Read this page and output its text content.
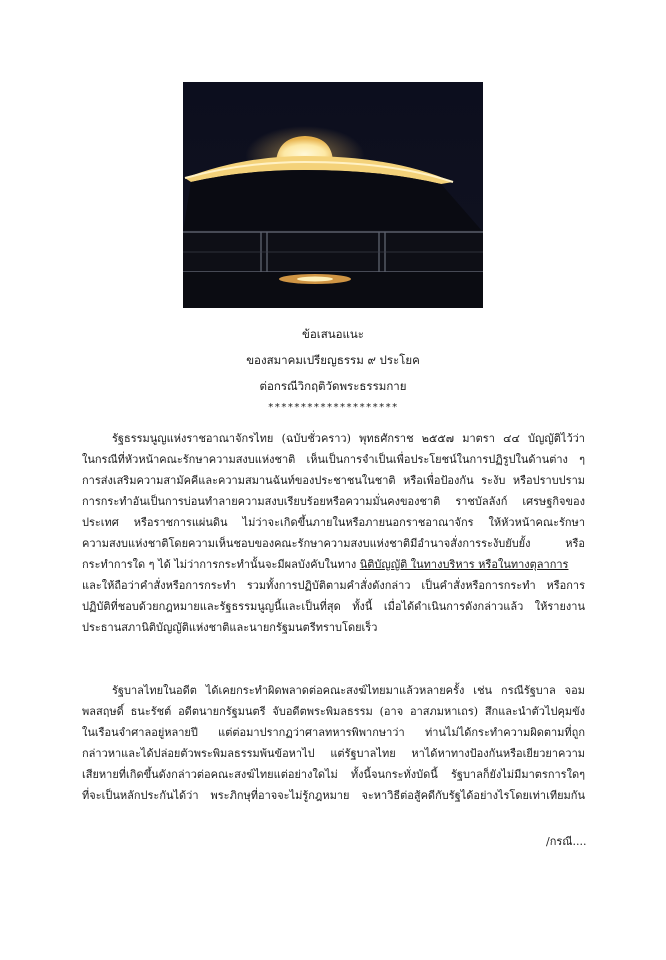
ข้อเสนอแนะ
ของสมาคมเปรียญธรรม ๙ ประโยค
ต่อกรณีวิกฤติวัดพระธรรมกาย
********************
รัฐธรรมนูญแห่งราชอาณาจักรไทย (ฉบับชั่วคราว) พุทธศักราช ๒๕๕๗ มาตรา ๔๔ บัญญัติไว้ว่า
ในกรณีที่หัวหน้าคณะรักษาความสงบแห่งชาติ เห็นเป็นการจำเป็นเพื่อประโยชน์ในการปฏิรูปในด้านต่าง ๆ
การส่งเสริมความสามัคคีและความสมานฉันท์ของประชาชนในชาติ หรือเพื่อป้องกัน ระงับ หรือปราบปราม
การกระทำอันเป็นการบ่อนทำลายความสงบเรียบร้อยหรือความมั่นคงของชาติ ราชบัลลังก์ เศรษฐกิจของ
ประเทศ หรือราชการแผ่นดิน ไม่ว่าจะเกิดขึ้นภายในหรือภายนอกราชอาณาจักร ให้หัวหน้าคณะรักษา
ความสงบแห่งชาติโดยความเห็นชอบของคณะรักษาความสงบแห่งชาติมีอำนาจสั่งการระงับยับยั้ง หรือ
กระทำการใด ๆ ได้ ไม่ว่าการกระทำนั้นจะมีผลบังคับในทาง นิติบัญญัติ ในทางบริหาร หรือในทางตุลาการ
และให้ถือว่าคำสั่งหรือการกระทำ รวมทั้งการปฏิบัติตามคำสั่งดังกล่าว เป็นคำสั่งหรือการกระทำ หรือการ
ปฏิบัติที่ชอบด้วยกฎหมายและรัฐธรรมนูญนี้และเป็นที่สุด ทั้งนี้ เมื่อได้ดำเนินการดังกล่าวแล้ว ให้รายงาน
ประธานสภานิติบัญญัติแห่งชาติและนายกรัฐมนตรีทราบโดยเร็ว
รัฐบาลไทยในอดีต ได้เคยกระทำผิดพลาดต่อคณะสงฆ์ไทยมาแล้วหลายครั้ง เช่น กรณีรัฐบาล จอม
พลสฤษดิ์ ธนะรัชต์ อดีตนายกรัฐมนตรี จับอดีตพระพิมลธรรม (อาจ อาสภมหาเถร) สึกและนำตัวไปคุมขัง
ในเรือนจำศาลอยู่หลายปี แต่ต่อมาปรากฏว่าศาลทหารพิพากษาว่า ท่านไม่ได้กระทำความผิดตามที่ถูก
กล่าวหาและได้ปล่อยตัวพระพิมลธรรมพ้นข้อหาไป แต่รัฐบาลไทย หาได้หาทางป้องกันหรือเยียวยาความ
เสียหายที่เกิดขึ้นดังกล่าวต่อคณะสงฆ์ไทยแต่อย่างใดไม่ ทั้งนี้จนกระทั่งบัดนี้ รัฐบาลก็ยังไม่มีมาตรการใดๆ
ที่จะเป็นหลักประกันได้ว่า พระภิกษุที่อาจจะไม่รู้กฎหมาย จะหาวิธีต่อสู้คดีกับรัฐได้อย่างไรโดยเท่าเทียมกัน
/กรณี....
